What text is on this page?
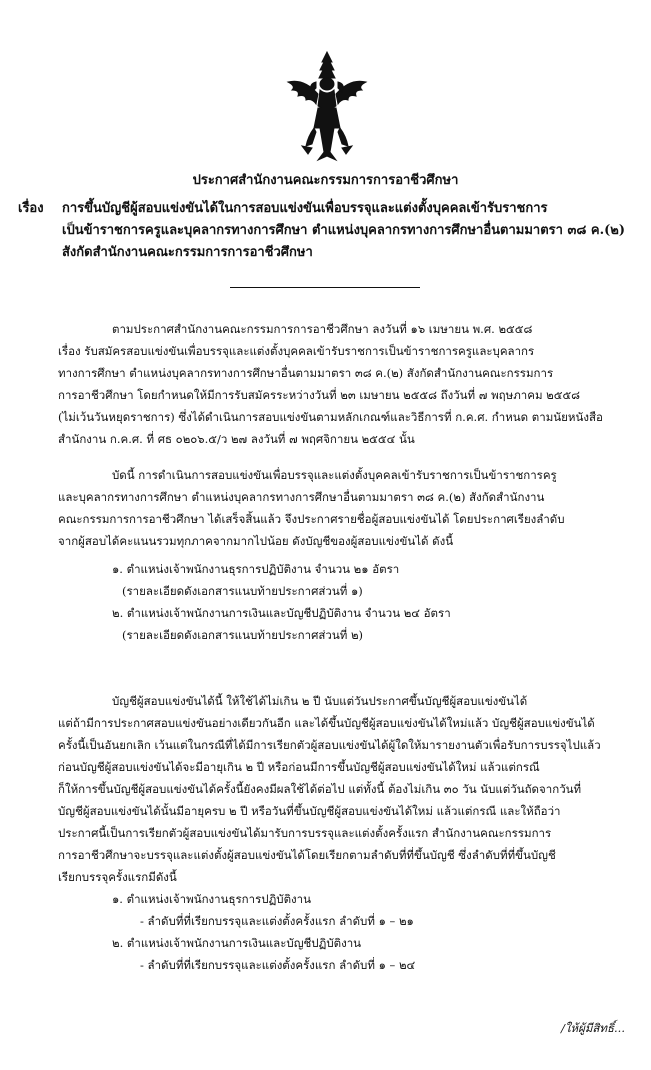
ประกาศสำนักงานคณะกรรมการการอาชีวศึกษา
เรื่อง การขึ้นบัญชีผู้สอบแข่งขันได้ในการสอบแข่งขันเพื่อบรรจุและแต่งตั้งบุคคลเข้ารับราชการ
เป็นข้าราชการครูและบุคลากรทางการศึกษา ตำแหน่งบุคลากรทางการศึกษาอื่นตามมาตรา ๓๘ ค.(๒)
สังกัดสำนักงานคณะกรรมการการอาชีวศึกษา
ตามประกาศสำนักงานคณะกรรมการการอาชีวศึกษา ลงวันที่ ๑๖ เมษายน พ.ศ. ๒๕๕๘
เรื่อง รับสมัครสอบแข่งขันเพื่อบรรจุและแต่งตั้งบุคคลเข้ารับราชการเป็นข้าราชการครูและบุคลากร
ทางการศึกษา ตำแหน่งบุคลากรทางการศึกษาอื่นตามมาตรา ๓๘ ค.(๒) สังกัดสำนักงานคณะกรรมการ
การอาชีวศึกษา โดยกำหนดให้มีการรับสมัครระหว่างวันที่ ๒๓ เมษายน ๒๕๕๘ ถึงวันที่ ๗ พฤษภาคม ๒๕๕๘
(ไม่เว้นวันหยุดราชการ) ซึ่งได้ดำเนินการสอบแข่งขันตามหลักเกณฑ์และวิธีการที่ ก.ค.ศ. กำหนด ตามนัยหนังสือ
สำนักงาน ก.ค.ศ. ที่ ศธ ๐๒๐๖.๕/ว ๒๗ ลงวันที่ ๗ พฤศจิกายน ๒๕๕๔ นั้น
บัดนี้ การดำเนินการสอบแข่งขันเพื่อบรรจุและแต่งตั้งบุคคลเข้ารับราชการเป็นข้าราชการครู
และบุคลากรทางการศึกษา ตำแหน่งบุคลากรทางการศึกษาอื่นตามมาตรา ๓๘ ค.(๒) สังกัดสำนักงาน
คณะกรรมการการอาชีวศึกษา ได้เสร็จสิ้นแล้ว จึงประกาศรายชื่อผู้สอบแข่งขันได้ โดยประกาศเรียงลำดับ
จากผู้สอบได้คะแนนรวมทุกภาคจากมากไปน้อย ดังบัญชีของผู้สอบแข่งขันได้ ดังนี้
๑. ตำแหน่งเจ้าพนักงานธุรการปฏิบัติงาน จำนวน ๒๑ อัตรา
(รายละเอียดดังเอกสารแนบท้ายประกาศส่วนที่ ๑)
๒. ตำแหน่งเจ้าพนักงานการเงินและบัญชีปฏิบัติงาน จำนวน ๒๔ อัตรา
(รายละเอียดดังเอกสารแนบท้ายประกาศส่วนที่ ๒)
บัญชีผู้สอบแข่งขันได้นี้ ให้ใช้ได้ไม่เกิน ๒ ปี นับแต่วันประกาศขึ้นบัญชีผู้สอบแข่งขันได้
แต่ถ้ามีการประกาศสอบแข่งขันอย่างเดียวกันอีก และได้ขึ้นบัญชีผู้สอบแข่งขันได้ใหม่แล้ว บัญชีผู้สอบแข่งขันได้
ครั้งนี้เป็นอันยกเลิก เว้นแต่ในกรณีที่ได้มีการเรียกตัวผู้สอบแข่งขันได้ผู้ใดให้มารายงานตัวเพื่อรับการบรรจุไปแล้ว
ก่อนบัญชีผู้สอบแข่งขันได้จะมีอายุเกิน ๒ ปี หรือก่อนมีการขึ้นบัญชีผู้สอบแข่งขันได้ใหม่ แล้วแต่กรณี
ก็ให้การขึ้นบัญชีผู้สอบแข่งขันได้ครั้งนี้ยังคงมีผลใช้ได้ต่อไป แต่ทั้งนี้ ต้องไม่เกิน ๓๐ วัน นับแต่วันถัดจากวันที่
บัญชีผู้สอบแข่งขันได้นั้นมีอายุครบ ๒ ปี หรือวันที่ขึ้นบัญชีผู้สอบแข่งขันได้ใหม่ แล้วแต่กรณี และให้ถือว่า
ประกาศนี้เป็นการเรียกตัวผู้สอบแข่งขันได้มารับการบรรจุและแต่งตั้งครั้งแรก สำนักงานคณะกรรมการ
การอาชีวศึกษาจะบรรจุและแต่งตั้งผู้สอบแข่งขันได้โดยเรียกตามลำดับที่ที่ขึ้นบัญชี ซึ่งลำดับที่ที่ขึ้นบัญชี
เรียกบรรจุครั้งแรกมีดังนี้
๑. ตำแหน่งเจ้าพนักงานธุรการปฏิบัติงาน
- ลำดับที่ที่เรียกบรรจุและแต่งตั้งครั้งแรก ลำดับที่ ๑ – ๒๑
๒. ตำแหน่งเจ้าพนักงานการเงินและบัญชีปฏิบัติงาน
- ลำดับที่ที่เรียกบรรจุและแต่งตั้งครั้งแรก ลำดับที่ ๑ – ๒๔
/ให้ผู้มีสิทธิ์...
